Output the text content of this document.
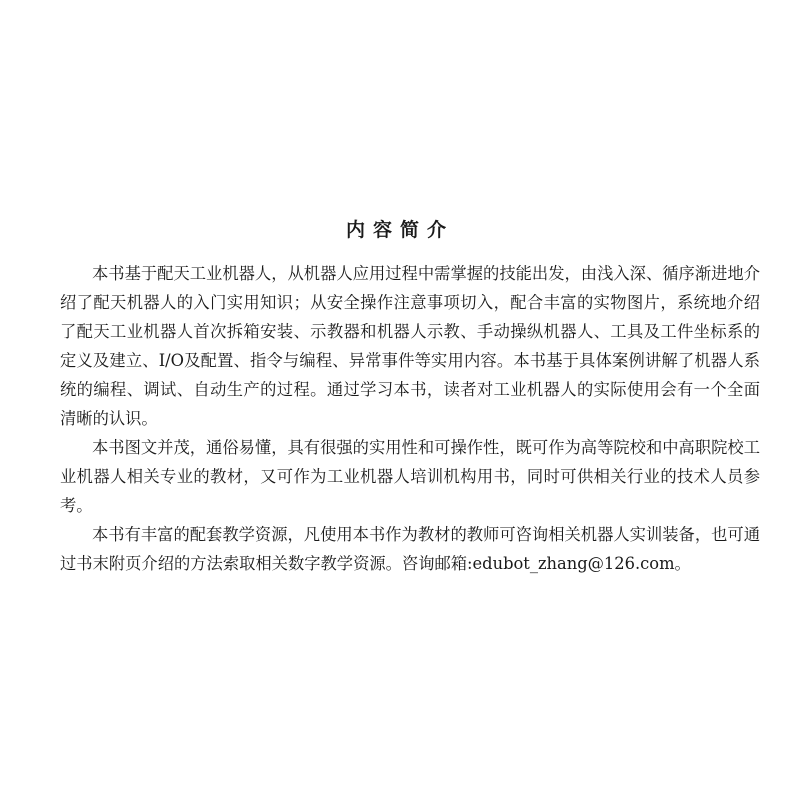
内容简介

本书基于配天工业机器人，从机器人应用过程中需掌握的技能出发，由浅入深、循序渐进地介绍了配天机器人的入门实用知识；从安全操作注意事项切入，配合丰富的实物图片，系统地介绍了配天工业机器人首次拆箱安装、示教器和机器人示教、手动操纵机器人、工具及工件坐标系的定义及建立、I/O及配置、指令与编程、异常事件等实用内容。本书基于具体案例讲解了机器人系统的编程、调试、自动生产的过程。通过学习本书，读者对工业机器人的实际使用会有一个全面清晰的认识。

本书图文并茂，通俗易懂，具有很强的实用性和可操作性，既可作为高等院校和中高职院校工业机器人相关专业的教材，又可作为工业机器人培训机构用书，同时可供相关行业的技术人员参考。

本书有丰富的配套教学资源，凡使用本书作为教材的教师可咨询相关机器人实训装备，也可通过书末附页介绍的方法索取相关数字教学资源。咨询邮箱:edubot_zhang@126.com。
